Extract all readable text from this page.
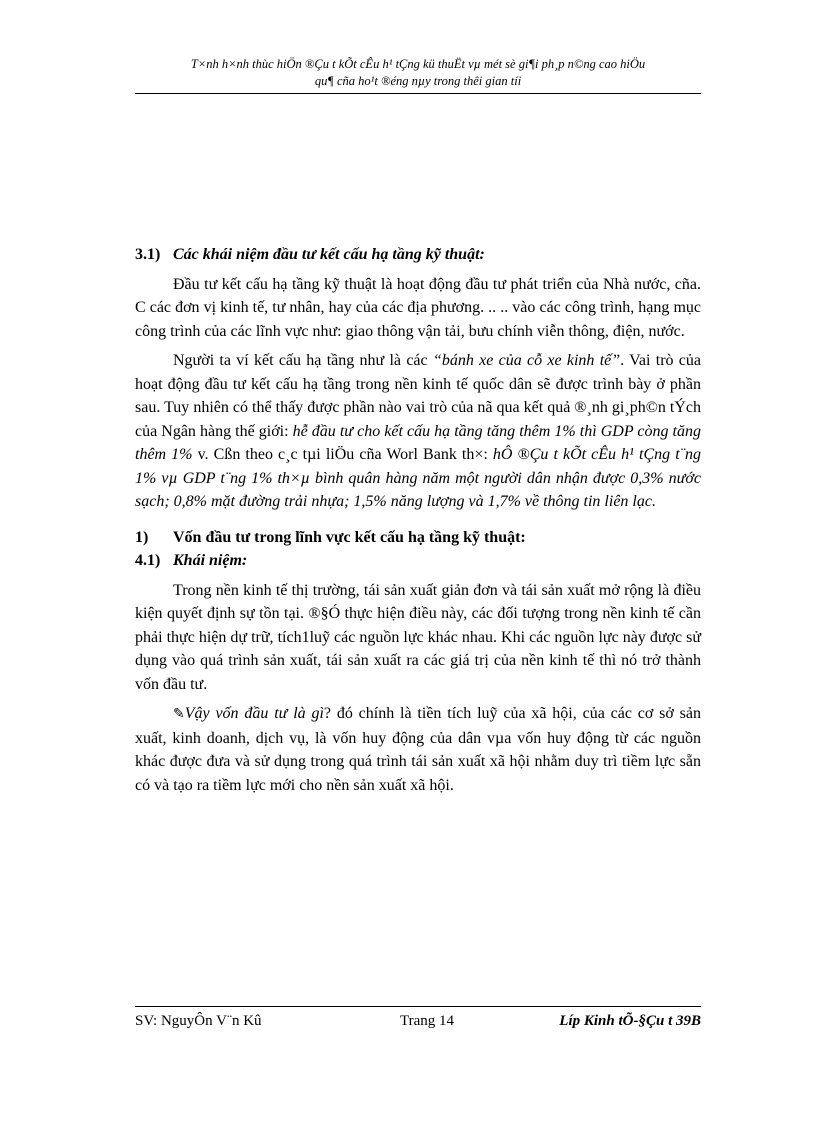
T×nh h×nh thùc hiÖn ®Çu t kÕt cÊu h¹ tÇng kü thuËt vµ mét sè gi¶i ph¸p n©ng cao hiÖu
qu¶ cña ho¹t ®éng nµy trong thêi gian tíi
3.1) Các khái niệm đầu tư kết cấu hạ tầng kỹ thuật:

Đầu tư kết cấu hạ tầng kỹ thuật là hoạt động đầu tư phát triển của Nhà nước, cña. C các đơn vị kinh tế, tư nhân, hay của các địa phương. .. .. vào các công trình, hạng mục công trình của các lĩnh vực như: giao thông vận tải, bưu chính viễn thông, điện, nước.

Người ta ví kết cấu hạ tầng như là các “bánh xe của cỗ xe kinh tế”. Vai trò của hoạt động đầu tư kết cấu hạ tầng trong nền kinh tế quốc dân sẽ được trình bày ở phần sau. Tuy nhiên có thể thấy được phần nào vai trò của nã qua kết quả ®¸nh gi¸ph©n tÝch của Ngân hàng thế giới: hễ đầu tư cho kết cấu hạ tầng tăng thêm 1% thì GDP còng tăng thêm 1% v. Cßn theo c¸c tµi liÖu cña Worl Bank th×: hÔ ®Çu t kÕt cÊu h¹ tÇng t¨ng 1% vµ GDP t¨ng 1% th×µ bình quân hàng năm một người dân nhận được 0,3% nước sạch; 0,8% mặt đường trải nhựa; 1,5% năng lượng và 1,7% về thông tin liên lạc.

1) Vốn đầu tư trong lĩnh vực kết cấu hạ tầng kỹ thuật:
4.1) Khái niệm:

Trong nền kinh tế thị trường, tái sản xuất giản đơn và tái sản xuất mở rộng là điều kiện quyết định sự tồn tại. ®§Ó thực hiện điều này, các đối tượng trong nền kinh tế cần phải thực hiện dự trữ, tích1luỹ các nguồn lực khác nhau. Khi các nguồn lực này được sử dụng vào quá trình sản xuất, tái sản xuất ra các giá trị của nền kinh tế thì nó trở thành vốn đầu tư.

✎Vậy vốn đầu tư là gì? đó chính là tiền tích luỹ của xã hội, của các cơ sở sản xuất, kinh doanh, dịch vụ, là vốn huy động của dân vµa vốn huy động từ các nguồn khác được đưa và sử dụng trong quá trình tái sản xuất xã hội nhằm duy trì tiềm lực sẵn có và tạo ra tiềm lực mới cho nền sản xuất xã hội.

SV: NguyÔn V¨n Kû	Trang 14	Líp Kinh tÕ-§Çu t 39B
